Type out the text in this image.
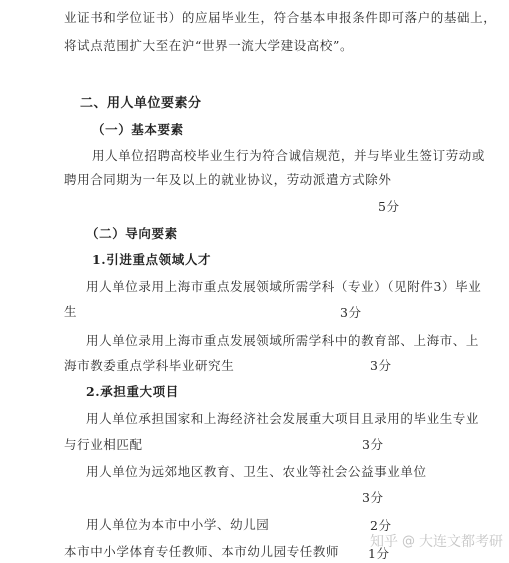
业证书和学位证书）的应届毕业生，符合基本申报条件即可落户的基础上，
将试点范围扩大至在沪“世界一流大学建设高校”。
二、用人单位要素分
（一）基本要素
用人单位招聘高校毕业生行为符合诚信规范，并与毕业生签订劳动或
聘用合同期为一年及以上的就业协议，劳动派遣方式除外
5分
（二）导向要素
1.引进重点领域人才
用人单位录用上海市重点发展领域所需学科（专业）（见附件3）毕业
生	3分
用人单位录用上海市重点发展领域所需学科中的教育部、上海市、上
海市教委重点学科毕业研究生	3分
2.承担重大项目
用人单位承担国家和上海经济社会发展重大项目且录用的毕业生专业
与行业相匹配	3分
用人单位为远郊地区教育、卫生、农业等社会公益事业单位
3分
用人单位为本市中小学、幼儿园	2分
本市中小学体育专任教师、本市幼儿园专任教师 1分
知乎 @ 大连文都考研
